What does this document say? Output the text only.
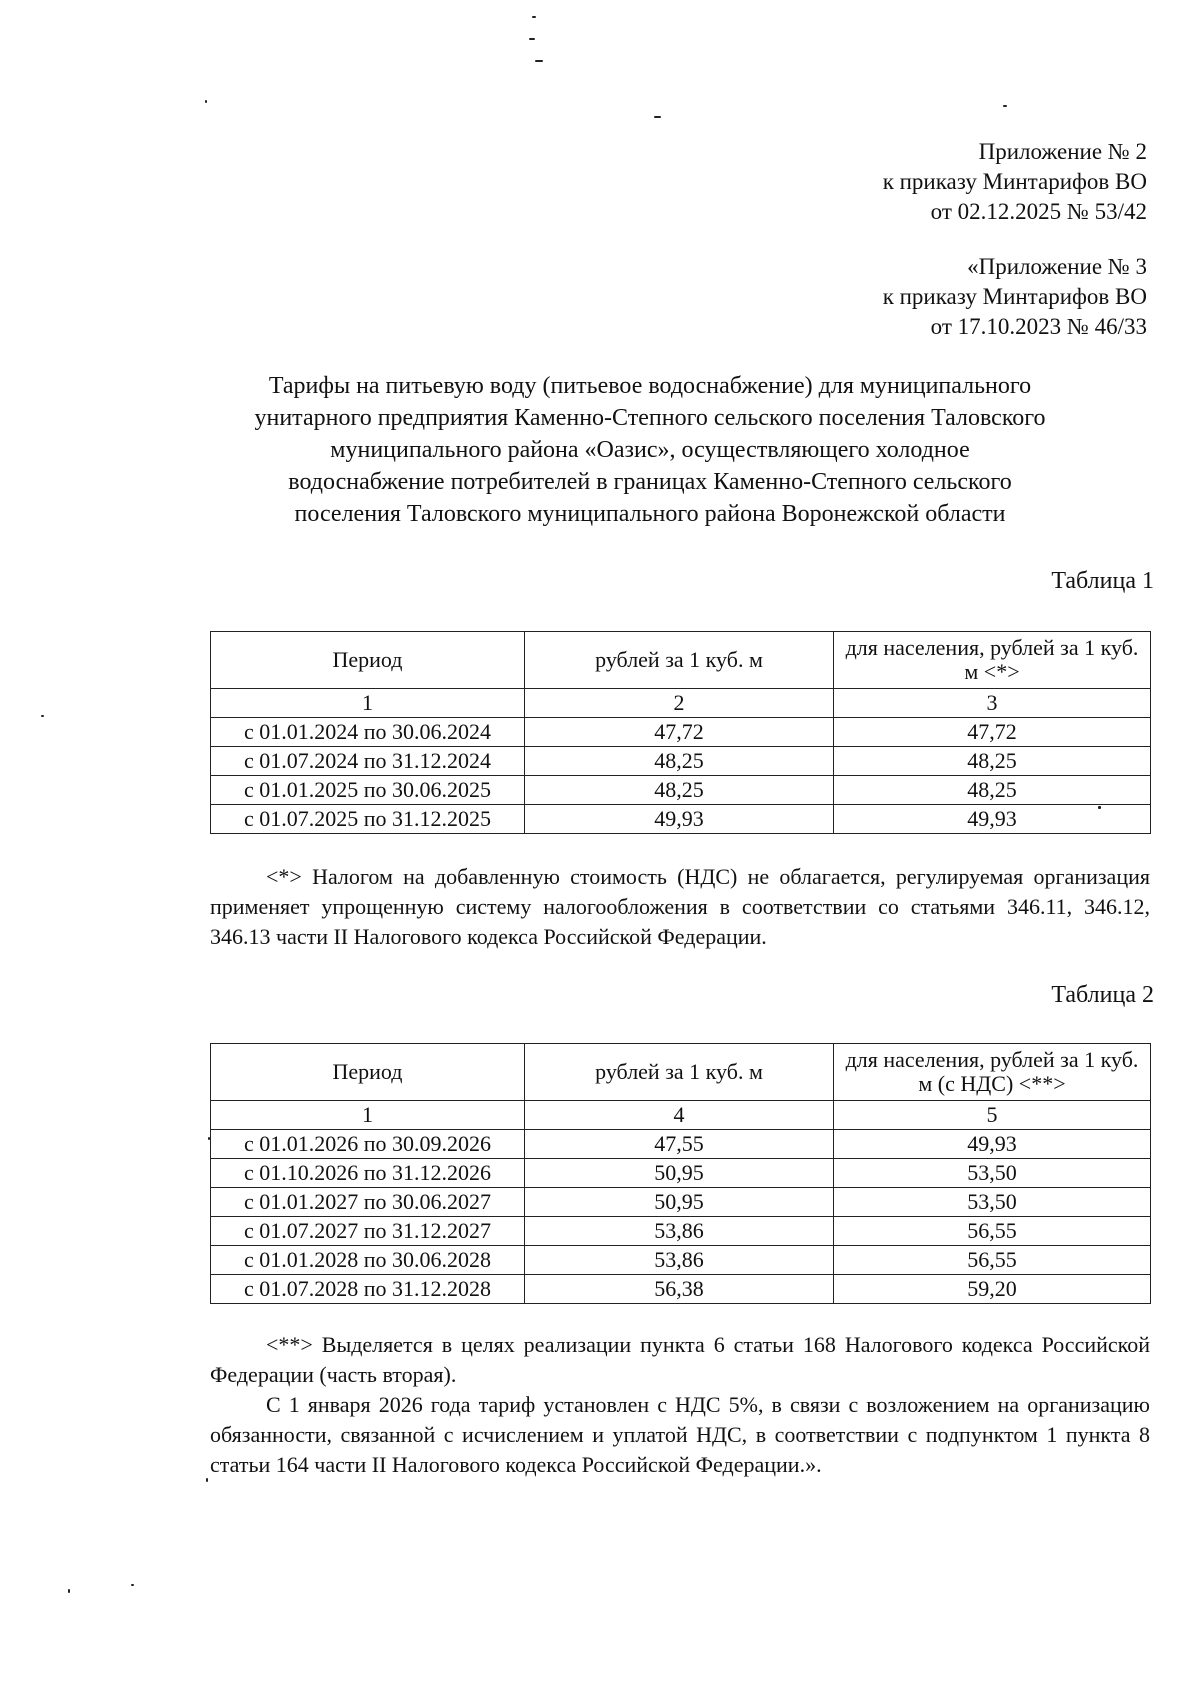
Приложение № 2
к приказу Минтарифов ВО
от 02.12.2025 № 53/42
«Приложение № 3
к приказу Минтарифов ВО
от 17.10.2023 № 46/33
Тарифы на питьевую воду (питьевое водоснабжение) для муниципального
унитарного предприятия Каменно-Степного сельского поселения Таловского
муниципального района «Оазис», осуществляющего холодное
водоснабжение потребителей в границах Каменно-Степного сельского
поселения Таловского муниципального района Воронежской области
Таблица 1
Период	рублей за 1 куб. м	для населения, рублей за 1 куб. м <*>
1	2	3
с 01.01.2024 по 30.06.2024	47,72	47,72
с 01.07.2024 по 31.12.2024	48,25	48,25
с 01.01.2025 по 30.06.2025	48,25	48,25
с 01.07.2025 по 31.12.2025	49,93	49,93
<*> Налогом на добавленную стоимость (НДС) не облагается, регулируемая организация применяет упрощенную систему налогообложения в соответствии со статьями 346.11, 346.12, 346.13 части II Налогового кодекса Российской Федерации.
Таблица 2
Период	рублей за 1 куб. м	для населения, рублей за 1 куб. м (с НДС) <**>
1	4	5
с 01.01.2026 по 30.09.2026	47,55	49,93
с 01.10.2026 по 31.12.2026	50,95	53,50
с 01.01.2027 по 30.06.2027	50,95	53,50
с 01.07.2027 по 31.12.2027	53,86	56,55
с 01.01.2028 по 30.06.2028	53,86	56,55
с 01.07.2028 по 31.12.2028	56,38	59,20
<**> Выделяется в целях реализации пункта 6 статьи 168 Налогового кодекса Российской Федерации (часть вторая).
С 1 января 2026 года тариф установлен с НДС 5%, в связи с возложением на организацию обязанности, связанной с исчислением и уплатой НДС, в соответствии с подпунктом 1 пункта 8 статьи 164 части II Налогового кодекса Российской Федерации.».
